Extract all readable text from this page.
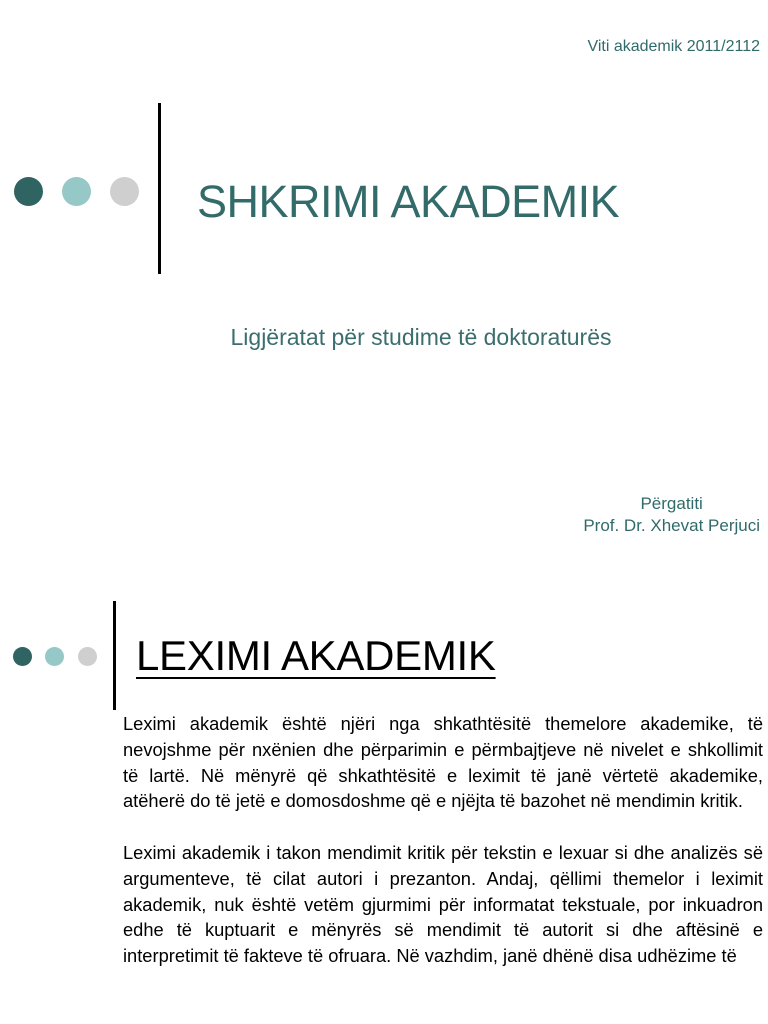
Viti akademik 2011/2112
SHKRIMI AKADEMIK
Ligjëratat për studime të doktoraturës
Përgatiti
Prof. Dr. Xhevat Perjuci
LEXIMI AKADEMIK

Leximi akademik është njëri nga shkathtësitë themelore akademike, të nevojshme për nxënien dhe përparimin e përmbajtjeve në nivelet e shkollimit të lartë. Në mënyrë që shkathtësitë e leximit të janë vërtetë akademike, atëherë do të jetë e domosdoshme që e njëjta të bazohet në mendimin kritik.

Leximi akademik i takon mendimit kritik për tekstin e lexuar si dhe analizës së argumenteve, të cilat autori i prezanton. Andaj, qëllimi themelor i leximit akademik, nuk është vetëm gjurmimi për informatat tekstuale, por inkuadron edhe të kuptuarit e mënyrës së mendimit të autorit si dhe aftësinë e interpretimit të fakteve të ofruara. Në vazhdim, janë dhënë disa udhëzime të
